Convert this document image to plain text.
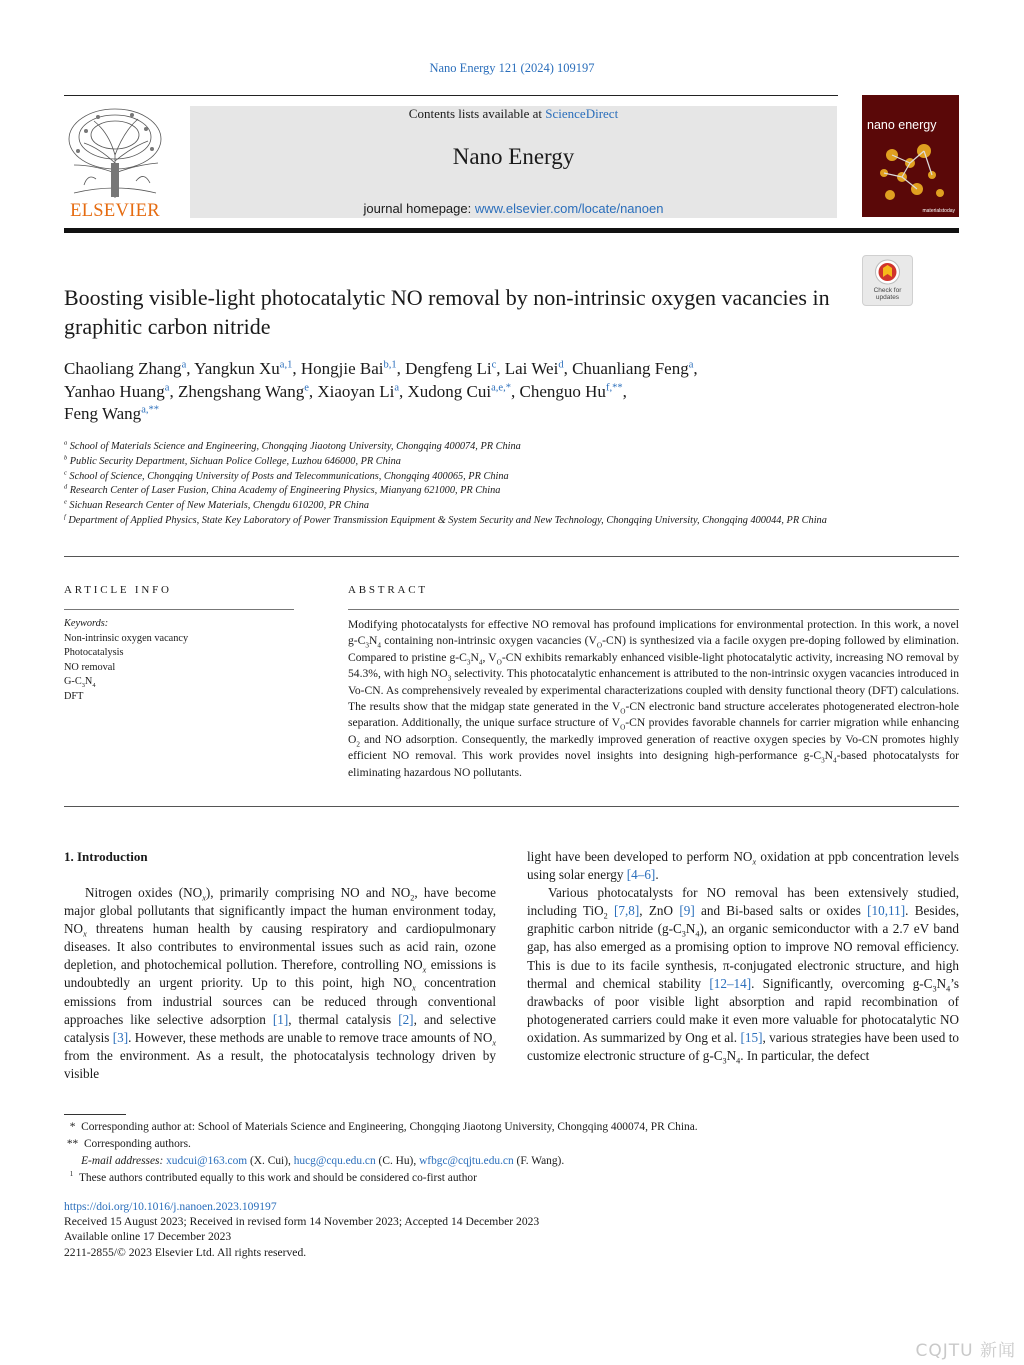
Nano Energy 121 (2024) 109197
ELSEVIER
Contents lists available at ScienceDirect
Nano Energy
journal homepage: www.elsevier.com/locate/nanoen
nano energy
materialstoday
Check for
updates
Boosting visible-light photocatalytic NO removal by non-intrinsic oxygen vacancies in graphitic carbon nitride
Chaoliang Zhang$^a$, Yangkun Xu$^{a,1}$, Hongjie Bai$^{b,1}$, Dengfeng Li$^c$, Lai Wei$^d$, Chuanliang Feng$^a$,
Yanhao Huang$^a$, Zhengshang Wang$^e$, Xiaoyan Li$^a$, Xudong Cui$^{a,e,*}$, Chenguo $Hu^{f,**}$,
Feng Wang$^{a,**}$
$^a$ School of Materials Science and Engineering, Chongqing Jiaotong University, Chongqing 400074, PR China
$^b$ Public Security Department, Sichuan Police College, Luzhou 646000, PR China
$^c$ School of Science, Chongqing University of Posts and Telecommunications, Chongqing 400065, PR China
$^d$ Research Center of Laser Fusion, China Academy of Engineering Physics, Mianyang 621000, PR China
$^e$ Sichuan Research Center of New Materials, Chengdu 610200, PR China
$^f$ Department of Applied Physics, State Key Laboratory of Power Transmission Equipment & System Security and New Technology, Chongqing University, Chongqing 400044, PR China
ARTICLE INFO
Keywords:
Non-intrinsic oxygen vacancy
Photocatalysis
NO removal
$G-C_3N_4$
DFT
ABSTRACT
Modifying photocatalysts for effective NO removal has profound implications for environmental protection. In this work, a novel $g-C_3N_4$ containing non-intrinsic oxygen vacancies $(V_O-CN)$ is synthesized via a facile oxygen pre-doping followed by elimination. Compared to pristine $g-C_3N_4$, $V_O-CN$ exhibits remarkably enhanced visible-light photocatalytic activity, increasing NO removal by 54.3%, with high $NO_3$ selectivity. This photocatalytic enhancement is attributed to the non-intrinsic oxygen vacancies introduced in Vo-CN. As comprehensively revealed by experimental characterizations coupled with density functional theory (DFT) calculations. The results show that the midgap state generated in the $V_O-CN$ electronic band structure accelerates photogenerated electron-hole separation. Additionally, the unique surface structure of $V_O-CN$ provides favorable channels for carrier migration while enhancing $O_2$ and NO adsorption. Consequently, the markedly improved generation of reactive oxygen species by Vo-CN promotes highly efficient NO removal. This work provides novel insights into designing high-performance $g-C_3N_4$-based photocatalysts for eliminating hazardous NO pollutants.
1. Introduction

Nitrogen oxides $(NO_x)$, primarily comprising NO and $NO_2$, have become major global pollutants that significantly impact the human environment today, $NO_x$ threatens human health by causing respiratory and cardiopulmonary diseases. It also contributes to environmental issues such as acid rain, ozone depletion, and photochemical pollution. Therefore, controlling $NO_x$ emissions is undoubtedly an urgent priority. Up to this point, high $NO_x$ concentration emissions from industrial sources can be reduced through conventional approaches like selective adsorption [1], thermal catalysis [2], and selective catalysis [3]. However, these methods are unable to remove trace amounts of $NO_x$ from the environment. As a result, the photocatalysis technology driven by visible

light have been developed to perform $NO_x$ oxidation at ppb concentration levels using solar energy [4–6].

Various photocatalysts for NO removal has been extensively studied, including TiO$_2$ [7,8], ZnO [9] and Bi-based salts or oxides [10,11]. Besides, graphitic carbon nitride $(g-C_3N_4)$, an organic semiconductor with a 2.7 eV band gap, has also emerged as a promising option to improve NO removal efficiency. This is due to its facile synthesis, π-conjugated electronic structure, and high thermal and chemical stability [12–14]. Significantly, overcoming $g-C_3N_4’s$ drawbacks of poor visible light absorption and rapid recombination of photogenerated carriers could make it even more valuable for photocatalytic NO oxidation. As summarized by Ong et al. [15], various strategies have been used to customize electronic structure of $g-C_3N_4$. In particular, the defect

* Corresponding author at: School of Materials Science and Engineering, Chongqing Jiaotong University, Chongqing 400074, PR China.
** Corresponding authors.
E-mail addresses: xudcui@163.com (X. Cui), hucg@cqu.edu.cn (C. Hu), wfbgc@cqjtu.edu.cn (F. Wang).
$^1$ These authors contributed equally to this work and should be considered co-first author
https://doi.org/10.1016/j.nanoen.2023.109197
Received 15 August 2023; Received in revised form 14 November 2023; Accepted 14 December 2023
Available online 17 December 2023
2211-2855/© 2023 Elsevier Ltd. All rights reserved.
CQJTU 新闻
